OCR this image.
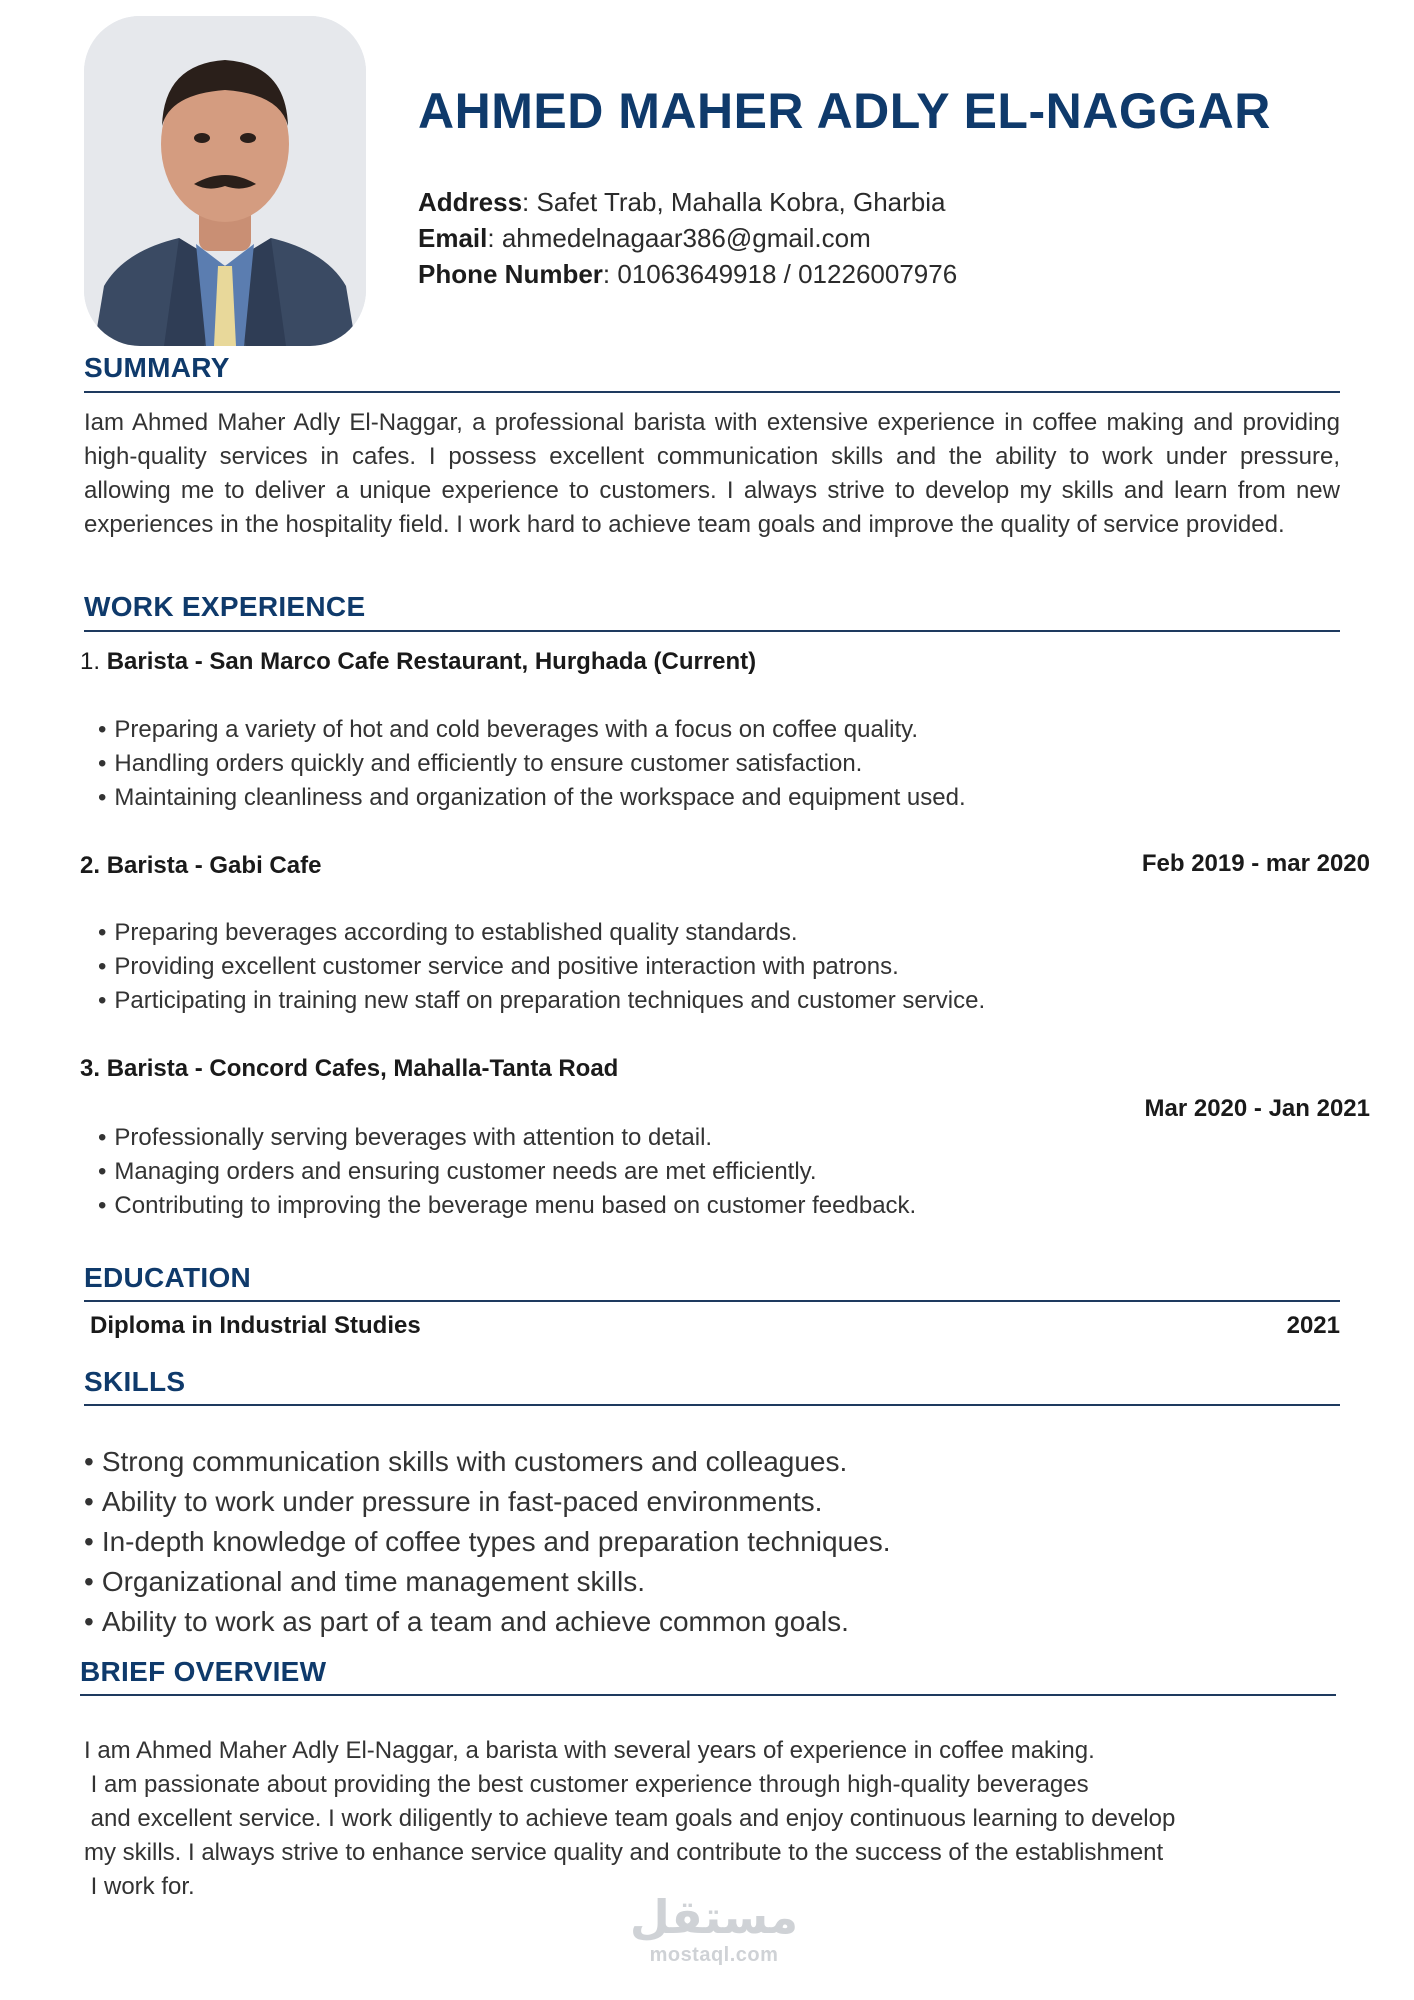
AHMED MAHER ADLY EL-NAGGAR
Address: Safet Trab, Mahalla Kobra, Gharbia
Email: ahmedelnagaar386@gmail.com
Phone Number: 01063649918 / 01226007976
SUMMARY

Iam Ahmed Maher Adly El-Naggar, a professional barista with extensive experience in coffee making and providing high-quality services in cafes. I possess excellent communication skills and the ability to work under pressure, allowing me to deliver a unique experience to customers. I always strive to develop my skills and learn from new experiences in the hospitality field. I work hard to achieve team goals and improve the quality of service provided.

WORK EXPERIENCE
1. Barista - San Marco Cafe Restaurant, Hurghada (Current)
• Preparing a variety of hot and cold beverages with a focus on coffee quality.
• Handling orders quickly and efficiently to ensure customer satisfaction.
• Maintaining cleanliness and organization of the workspace and equipment used.
2. Barista - Gabi Cafe	Feb 2019 - mar 2020
• Preparing beverages according to established quality standards.
• Providing excellent customer service and positive interaction with patrons.
• Participating in training new staff on preparation techniques and customer service.
3. Barista - Concord Cafes, Mahalla-Tanta Road
Mar 2020 - Jan 2021
• Professionally serving beverages with attention to detail.
• Managing orders and ensuring customer needs are met efficiently.
• Contributing to improving the beverage menu based on customer feedback.
EDUCATION
Diploma in Industrial Studies	2021
SKILLS
• Strong communication skills with customers and colleagues.
• Ability to work under pressure in fast-paced environments.
• In-depth knowledge of coffee types and preparation techniques.
• Organizational and time management skills.
• Ability to work as part of a team and achieve common goals.
BRIEF OVERVIEW
I am Ahmed Maher Adly El-Naggar, a barista with several years of experience in coffee making.
I am passionate about providing the best customer experience through high-quality beverages
and excellent service. I work diligently to achieve team goals and enjoy continuous learning to develop
my skills. I always strive to enhance service quality and contribute to the success of the establishment
I work for.
مستقل
mostaql.com
